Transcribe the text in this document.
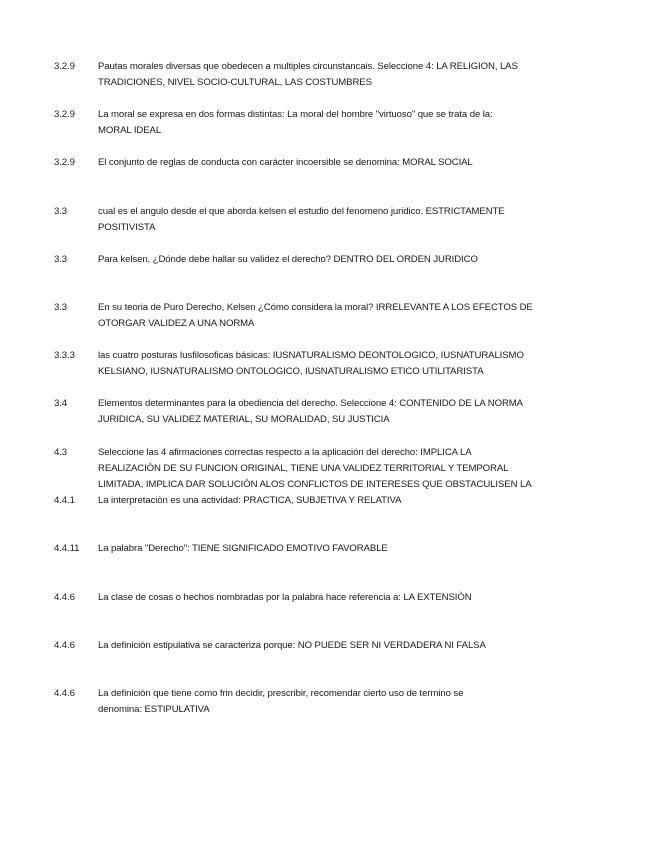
3.2.9	Pautas morales diversas que obedecen a multiples circunstancais. Seleccione 4: LA RELIGION, LAS
TRADICIONES, NIVEL SOCIO-CULTURAL, LAS COSTUMBRES
3.2.9	La moral se expresa en dos formas distintas: La moral del hombre "virtuoso" que se trata de la:
MORAL IDEAL
3.2.9	El conjunto de reglas de conducta con carácter incoersible se denomina: MORAL SOCIAL
3.3	cual es el angulo desde el que aborda kelsen el estudio del fenomeno juridico. ESTRICTAMENTE
POSITIVISTA
3.3	Para kelsen, ¿Dónde debe hallar su validez el derecho? DENTRO DEL ORDEN JURIDICO
3.3	En su teoria de Puro Derecho, Kelsen ¿Cómo considera la moral? IRRELEVANTE A LOS EFECTOS DE
OTORGAR VALIDEZ A UNA NORMA
3.3.3	las cuatro posturas Iusfilosoficas básicas: IUSNATURALISMO DEONTOLOGICO, IUSNATURALISMO
KELSIANO, IUSNATURALISMO ONTOLOGICO, IUSNATURALISMO ETICO UTILITARISTA
3.4	Elementos determinantes para la obediencia del derecho. Seleccione 4: CONTENIDO DE LA NORMA
JURIDICA, SU VALIDEZ MATERIAL, SU MORALIDAD, SU JUSTICIA
4.3	Seleccione las 4 afirmaciones correctas respecto a la aplicación del derecho: IMPLICA LA
REALIZACIÒN DE SU FUNCION ORIGINAL, TIENE UNA VALIDEZ TERRITORIAL Y TEMPORAL
LIMITADA, IMPLICA DAR SOLUCIÒN ALOS CONFLICTOS DE INTERESES QUE OBSTACULISEN LA
4.4.1	La interpretaciòn es una actividad: PRACTICA, SUBJETIVA Y RELATIVA
4.4.11	La palabra "Derecho": TIENE SIGNIFICADO EMOTIVO FAVORABLE
4.4.6	La clase de cosas o hechos nombradas por la palabra hace referencia a: LA EXTENSIÒN
4.4.6	La definiciòn estipulativa se caracteriza porque: NO PUEDE SER NI VERDADERA NI FALSA
4.4.6	La definiciòn que tiene como frin decidir, prescribir, recomendar cierto uso de termino se
denomina: ESTIPULATIVA
